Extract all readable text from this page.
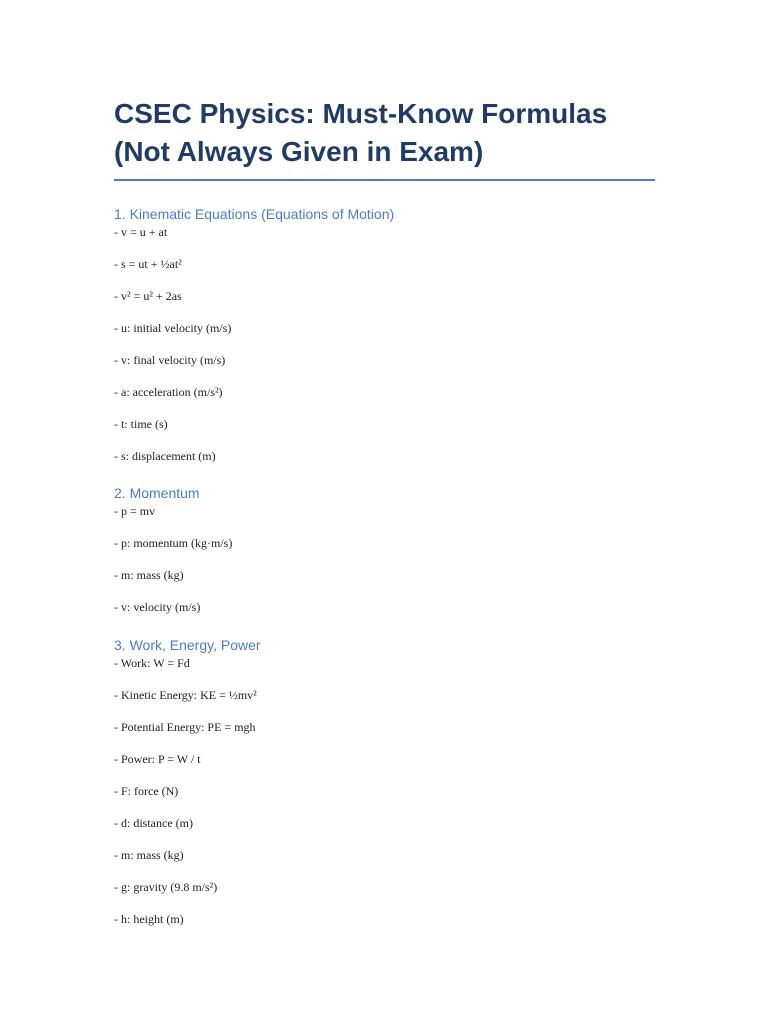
CSEC Physics: Must-Know Formulas (Not Always Given in Exam)
1. Kinematic Equations (Equations of Motion)
- v = u + at
- s = ut + ½at²
- v² = u² + 2as
- u: initial velocity (m/s)
- v: final velocity (m/s)
- a: acceleration (m/s²)
- t: time (s)
- s: displacement (m)
2. Momentum
- p = mv
- p: momentum (kg·m/s)
- m: mass (kg)
- v: velocity (m/s)
3. Work, Energy, Power
- Work: W = Fd
- Kinetic Energy: KE = ½mv²
- Potential Energy: PE = mgh
- Power: P = W / t
- F: force (N)
- d: distance (m)
- m: mass (kg)
- g: gravity (9.8 m/s²)
- h: height (m)
